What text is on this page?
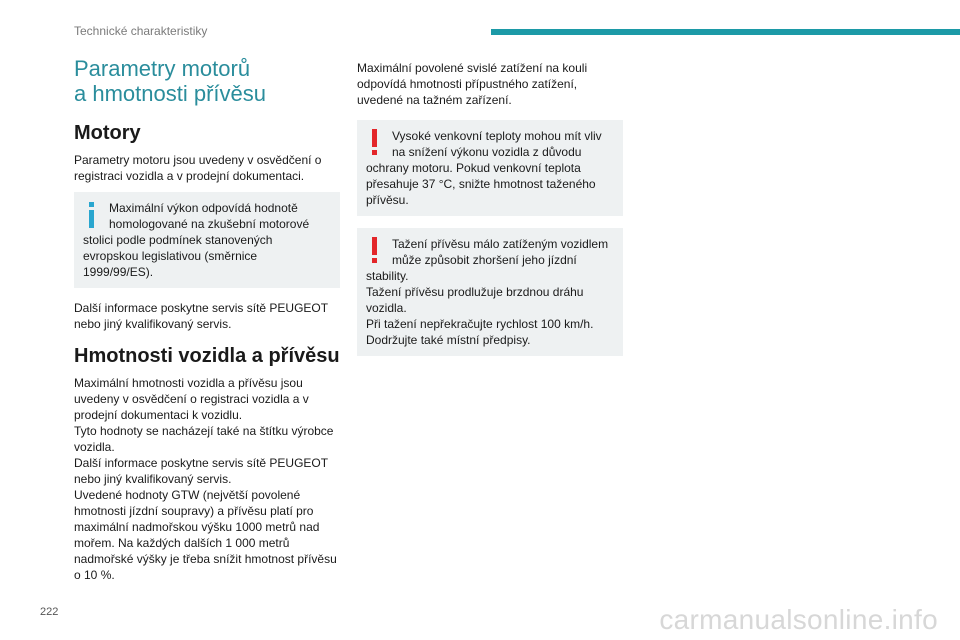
Technické charakteristiky
Parametry motorů
a hmotnosti přívěsu
Motory

Parametry motoru jsou uvedeny v osvědčení o registraci vozidla a v prodejní dokumentaci.

Maximální výkon odpovídá hodnotě homologované na zkušební motorové stolici podle podmínek stanovených evropskou legislativou (směrnice 1999/99/ES).

Další informace poskytne servis sítě PEUGEOT nebo jiný kvalifikovaný servis.

Hmotnosti vozidla a přívěsu

Maximální hmotnosti vozidla a přívěsu jsou uvedeny v osvědčení o registraci vozidla a v prodejní dokumentaci k vozidlu.

Tyto hodnoty se nacházejí také na štítku výrobce vozidla.

Další informace poskytne servis sítě PEUGEOT nebo jiný kvalifikovaný servis.

Uvedené hodnoty GTW (největší povolené hmotnosti jízdní soupravy) a přívěsu platí pro maximální nadmořskou výšku 1000 metrů nad mořem. Na každých dalších 1 000 metrů nadmořské výšky je třeba snížit hmotnost přívěsu o 10 %.

Maximální povolené svislé zatížení na kouli odpovídá hmotnosti přípustného zatížení, uvedené na tažném zařízení.

Vysoké venkovní teploty mohou mít vliv na snížení výkonu vozidla z důvodu ochrany motoru. Pokud venkovní teplota přesahuje 37 °C, snižte hmotnost taženého přívěsu.

Tažení přívěsu málo zatíženým vozidlem může způsobit zhoršení jeho jízdní stability.

Tažení přívěsu prodlužuje brzdnou dráhu vozidla.

Při tažení nepřekračujte rychlost 100 km/h. Dodržujte také místní předpisy.

222	carmanualsonline.info
